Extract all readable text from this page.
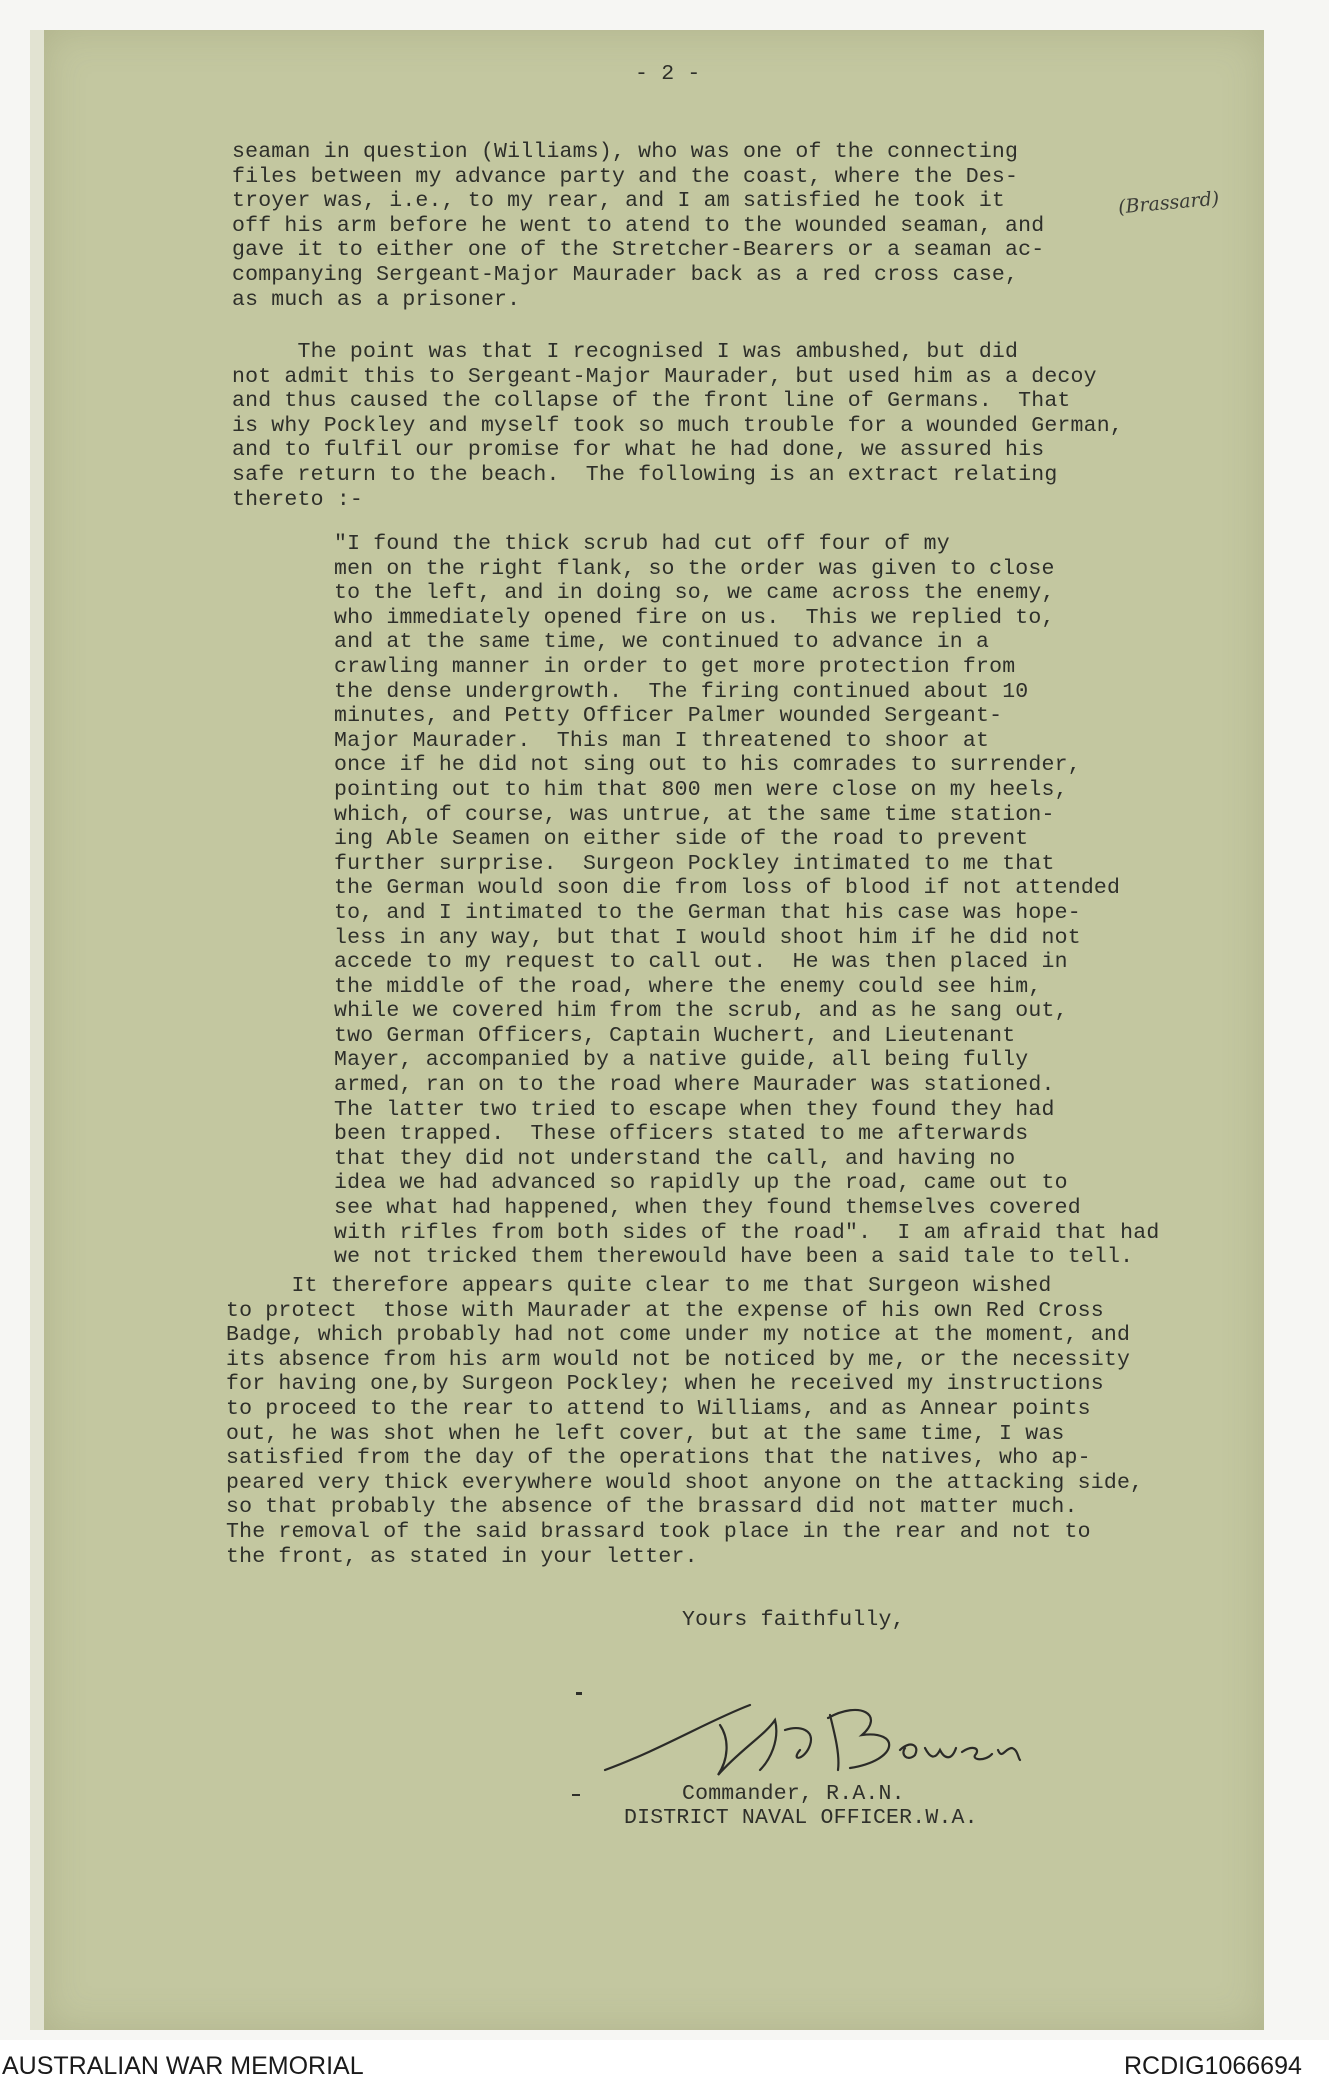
- 2 -
seaman in question (Williams), who was one of the connecting
files between my advance party and the coast, where the Des-
troyer was, i.e., to my rear, and I am satisfied he took it
off his arm before he went to atend to the wounded seaman, and
gave it to either one of the Stretcher-Bearers or a seaman ac-
companying Sergeant-Major Maurader back as a red cross case,
as much as a prisoner.
(Brassard)
The point was that I recognised I was ambushed, but did
not admit this to Sergeant-Major Maurader, but used him as a decoy
and thus caused the collapse of the front line of Germans.  That
is why Pockley and myself took so much trouble for a wounded German,
and to fulfil our promise for what he had done, we assured his
safe return to the beach.  The following is an extract relating
thereto :-
"I found the thick scrub had cut off four of my
men on the right flank, so the order was given to close
to the left, and in doing so, we came across the enemy,
who immediately opened fire on us.  This we replied to,
and at the same time, we continued to advance in a
crawling manner in order to get more protection from
the dense undergrowth.  The firing continued about 10
minutes, and Petty Officer Palmer wounded Sergeant-
Major Maurader.  This man I threatened to shoor at
once if he did not sing out to his comrades to surrender,
pointing out to him that 800 men were close on my heels,
which, of course, was untrue, at the same time station-
ing Able Seamen on either side of the road to prevent
further surprise.  Surgeon Pockley intimated to me that
the German would soon die from loss of blood if not attended
to, and I intimated to the German that his case was hope-
less in any way, but that I would shoot him if he did not
accede to my request to call out.  He was then placed in
the middle of the road, where the enemy could see him,
while we covered him from the scrub, and as he sang out,
two German Officers, Captain Wuchert, and Lieutenant
Mayer, accompanied by a native guide, all being fully
armed, ran on to the road where Maurader was stationed.
The latter two tried to escape when they found they had
been trapped.  These officers stated to me afterwards
that they did not understand the call, and having no
idea we had advanced so rapidly up the road, came out to
see what had happened, when they found themselves covered
with rifles from both sides of the road".  I am afraid that had
we not tricked them therewould have been a said tale to tell.
It therefore appears quite clear to me that Surgeon wished
to protect  those with Maurader at the expense of his own Red Cross
Badge, which probably had not come under my notice at the moment, and
its absence from his arm would not be noticed by me, or the necessity
for having one,by Surgeon Pockley; when he received my instructions
to proceed to the rear to attend to Williams, and as Annear points
out, he was shot when he left cover, but at the same time, I was
satisfied from the day of the operations that the natives, who ap-
peared very thick everywhere would shoot anyone on the attacking side,
so that probably the absence of the brassard did not matter much.
The removal of the said brassard took place in the rear and not to
the front, as stated in your letter.
Yours faithfully,
Commander, R.A.N.
DISTRICT NAVAL OFFICER.W.A.
AUSTRALIAN WAR MEMORIAL	RCDIG1066694
